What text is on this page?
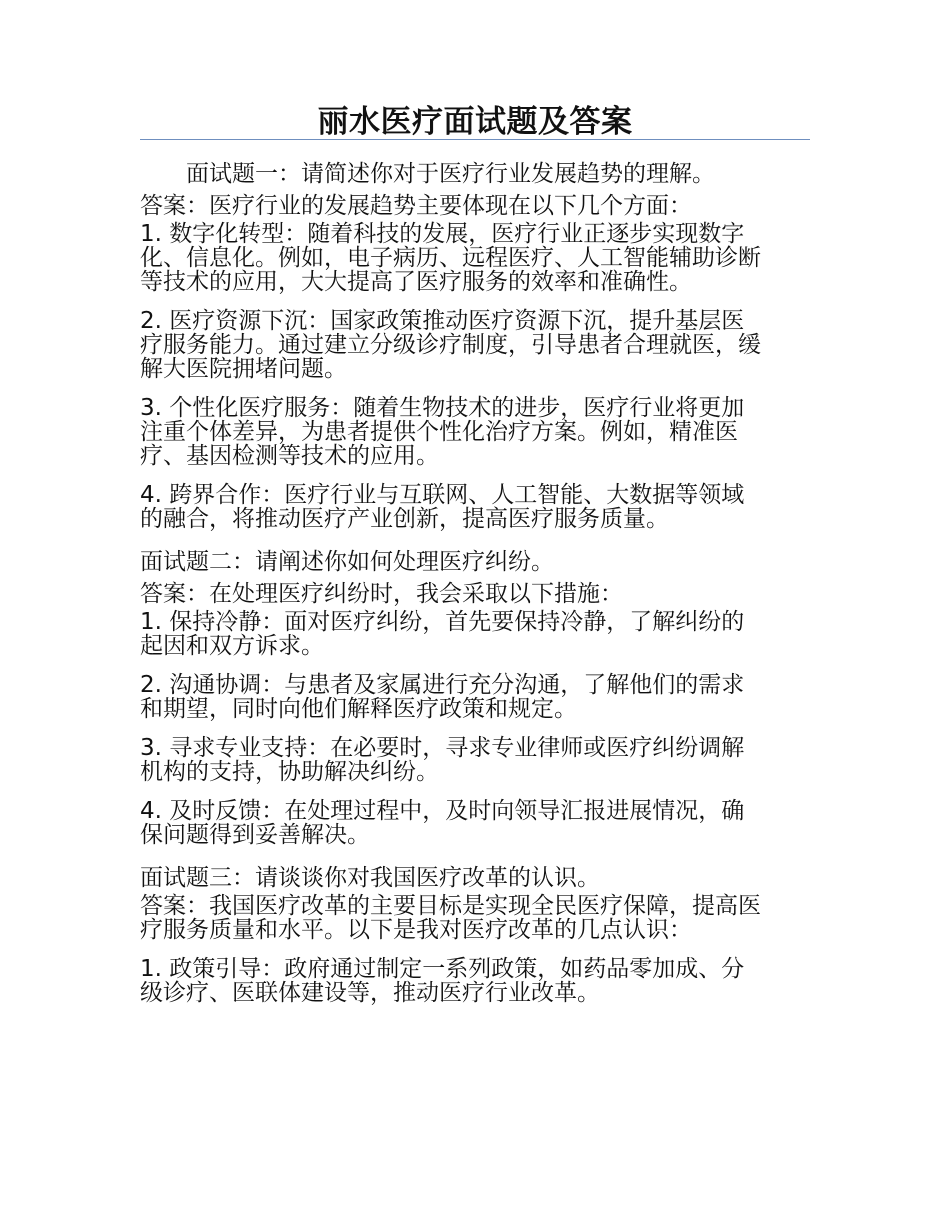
丽水医疗面试题及答案
面试题一：请简述你对于医疗行业发展趋势的理解。
答案：医疗行业的发展趋势主要体现在以下几个方面：
1. 数字化转型：随着科技的发展，医疗行业正逐步实现数字
化、信息化。例如，电子病历、远程医疗、人工智能辅助诊断
等技术的应用，大大提高了医疗服务的效率和准确性。
2. 医疗资源下沉：国家政策推动医疗资源下沉，提升基层医
疗服务能力。通过建立分级诊疗制度，引导患者合理就医，缓
解大医院拥堵问题。
3. 个性化医疗服务：随着生物技术的进步，医疗行业将更加
注重个体差异，为患者提供个性化治疗方案。例如，精准医
疗、基因检测等技术的应用。
4. 跨界合作：医疗行业与互联网、人工智能、大数据等领域
的融合，将推动医疗产业创新，提高医疗服务质量。
面试题二：请阐述你如何处理医疗纠纷。
答案：在处理医疗纠纷时，我会采取以下措施：
1. 保持冷静：面对医疗纠纷，首先要保持冷静，了解纠纷的
起因和双方诉求。
2. 沟通协调：与患者及家属进行充分沟通，了解他们的需求
和期望，同时向他们解释医疗政策和规定。
3. 寻求专业支持：在必要时，寻求专业律师或医疗纠纷调解
机构的支持，协助解决纠纷。
4. 及时反馈：在处理过程中，及时向领导汇报进展情况，确
保问题得到妥善解决。
面试题三：请谈谈你对我国医疗改革的认识。
答案：我国医疗改革的主要目标是实现全民医疗保障，提高医
疗服务质量和水平。以下是我对医疗改革的几点认识：
1. 政策引导：政府通过制定一系列政策，如药品零加成、分
级诊疗、医联体建设等，推动医疗行业改革。
